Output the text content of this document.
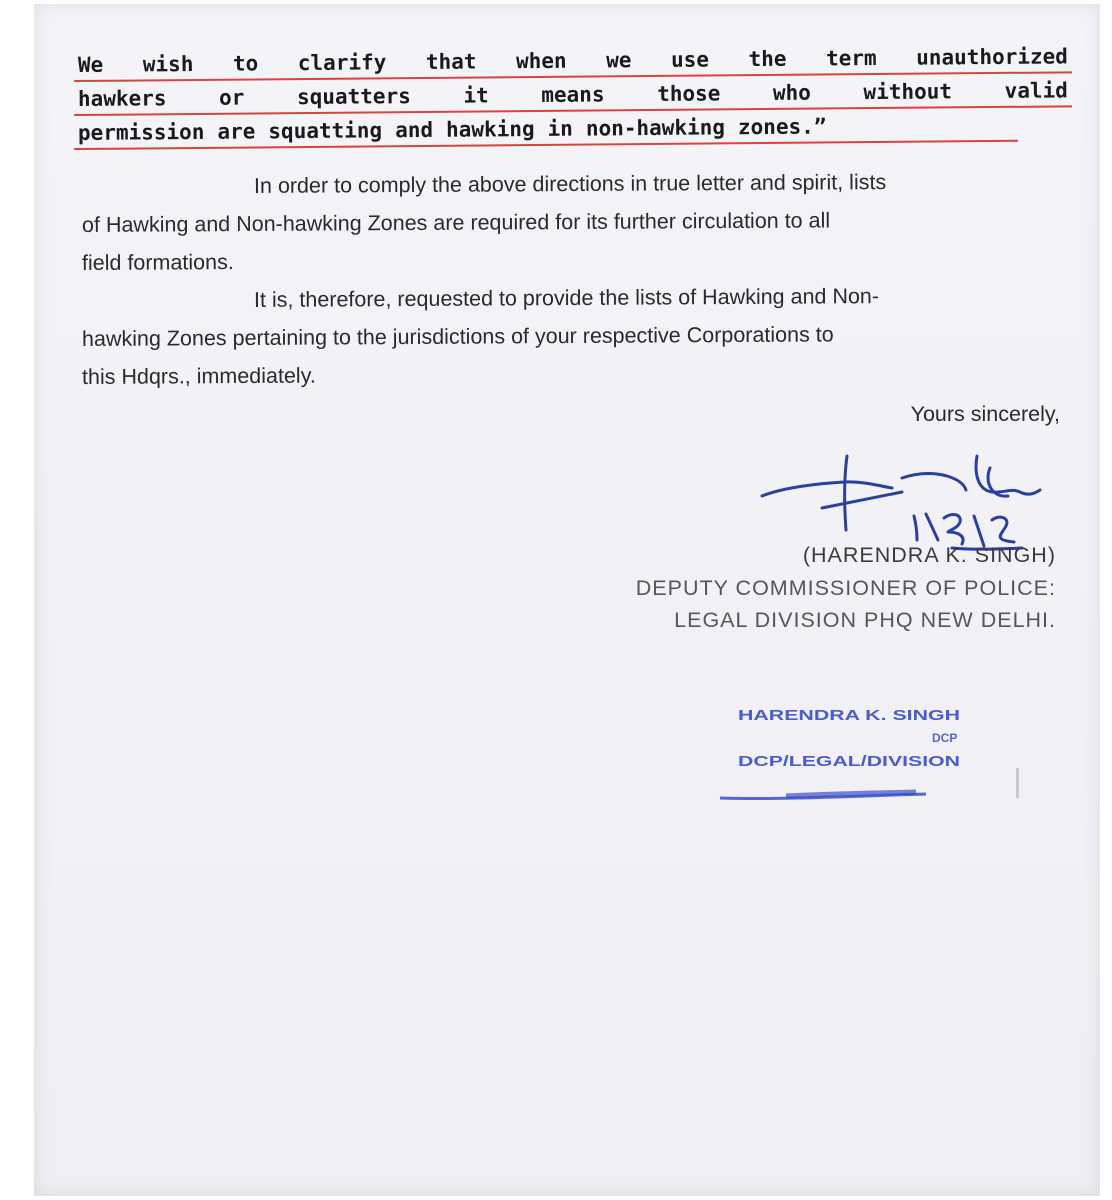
We wish to clarify that when we use the term unauthorized
hawkers or squatters it means those who without valid
permission are squatting and hawking in non-hawking zones.”
In order to comply the above directions in true letter and spirit, lists
of Hawking and Non-hawking Zones are required for its further circulation to all
field formations.
It is, therefore, requested to provide the lists of Hawking and Non-
hawking Zones pertaining to the jurisdictions of your respective Corporations to
this Hdqrs., immediately.
Yours sincerely,
(HARENDRA K. SINGH)
DEPUTY COMMISSIONER OF POLICE:
LEGAL DIVISION PHQ NEW DELHI.
HARENDRA K. SINGH
DCP
DCP/LEGAL/DIVISION
